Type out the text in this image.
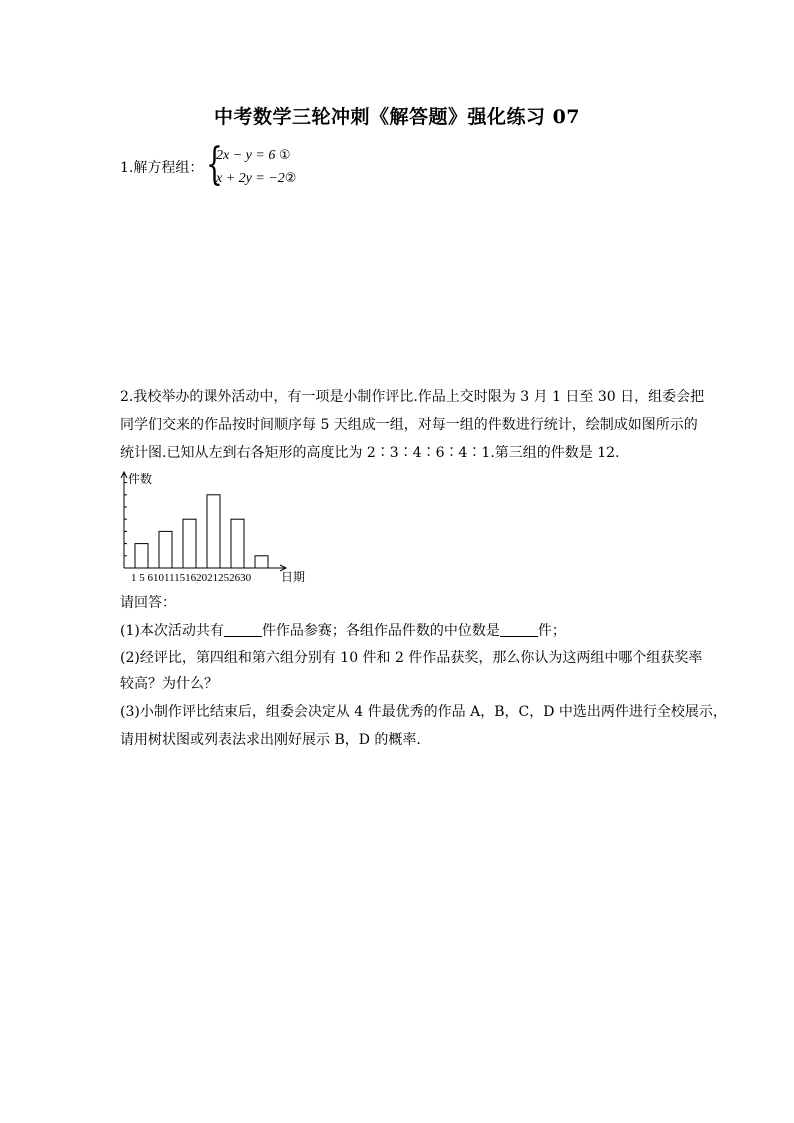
中考数学三轮冲刺《解答题》强化练习 07
1.解方程组： {
2x − y = 6 ①
x + 2y = −2②
2.我校举办的课外活动中，有一项是小制作评比.作品上交时限为 3 月 1 日至 30 日，组委会把
同学们交来的作品按时间顺序每 5 天组成一组，对每一组的件数进行统计，绘制成如图所示的
统计图.已知从左到右各矩形的高度比为 2∶3∶4∶6∶4∶1.第三组的件数是 12.
件数
1 5 6101115162021252630 日期
请回答：
(1)本次活动共有	件作品参赛；各组作品件数的中位数是	件；
(2)经评比，第四组和第六组分别有 10 件和 2 件作品获奖，那么你认为这两组中哪个组获奖率
较高？为什么？
(3)小制作评比结束后，组委会决定从 4 件最优秀的作品 A，B，C，D 中选出两件进行全校展示，
请用树状图或列表法求出刚好展示 B，D 的概率.
